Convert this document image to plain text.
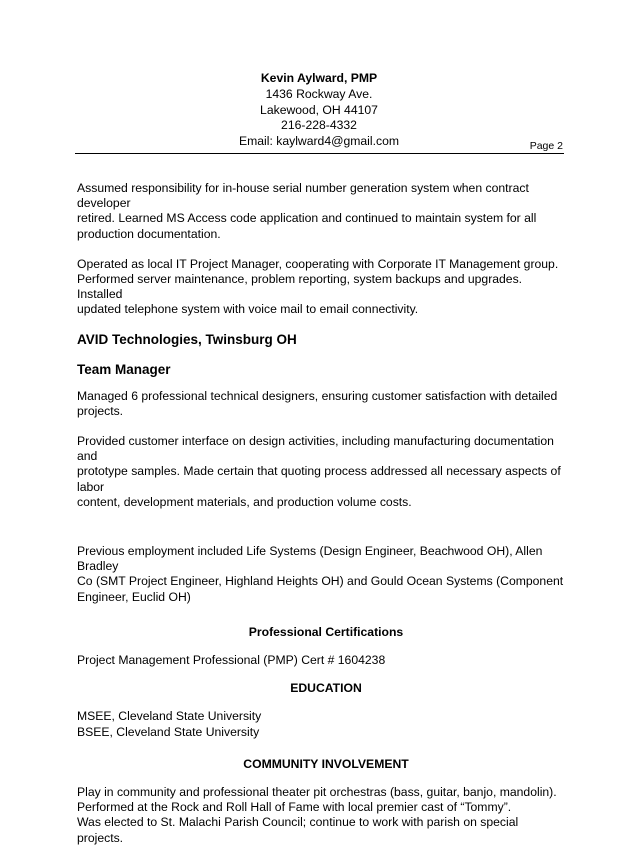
Kevin Aylward, PMP
1436 Rockway Ave.
Lakewood, OH 44107
216-228-4332
Email: kaylward4@gmail.com	Page 2

Assumed responsibility for in-house serial number generation system when contract developer
retired. Learned MS Access code application and continued to maintain system for all
production documentation.

Operated as local IT Project Manager, cooperating with Corporate IT Management group.
Performed server maintenance, problem reporting, system backups and upgrades. Installed
updated telephone system with voice mail to email connectivity.

AVID Technologies, Twinsburg OH

Team Manager

Managed 6 professional technical designers, ensuring customer satisfaction with detailed
projects.

Provided customer interface on design activities, including manufacturing documentation and
prototype samples. Made certain that quoting process addressed all necessary aspects of labor
content, development materials, and production volume costs.

Previous employment included Life Systems (Design Engineer, Beachwood OH), Allen Bradley
Co (SMT Project Engineer, Highland Heights OH) and Gould Ocean Systems (Component
Engineer, Euclid OH)

Professional Certifications

Project Management Professional (PMP) Cert # 1604238

EDUCATION

MSEE, Cleveland State University

BSEE, Cleveland State University

COMMUNITY INVOLVEMENT

Play in community and professional theater pit orchestras (bass, guitar, banjo, mandolin).
Performed at the Rock and Roll Hall of Fame with local premier cast of “Tommy”.
Was elected to St. Malachi Parish Council; continue to work with parish on special projects.
